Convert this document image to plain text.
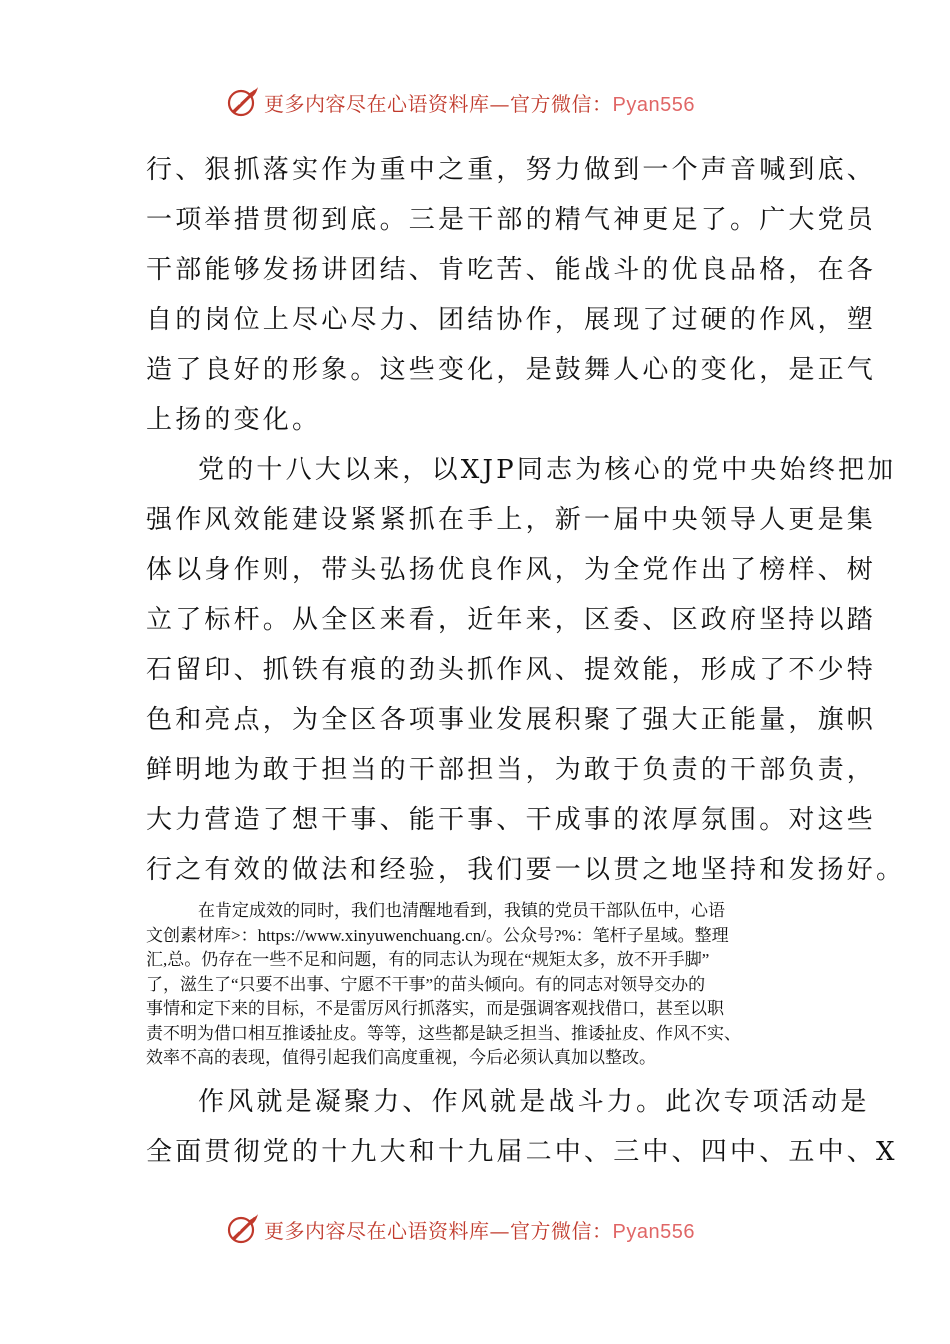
更多内容尽在心语资料库—官方微信：Pyan556
行、狠抓落实作为重中之重，努力做到一个声音喊到底、
一项举措贯彻到底。三是干部的精气神更足了。广大党员
干部能够发扬讲团结、肯吃苦、能战斗的优良品格，在各
自的岗位上尽心尽力、团结协作，展现了过硬的作风，塑
造了良好的形象。这些变化，是鼓舞人心的变化，是正气
上扬的变化。
党的十八大以来，以XJP同志为核心的党中央始终把加
强作风效能建设紧紧抓在手上，新一届中央领导人更是集
体以身作则，带头弘扬优良作风，为全党作出了榜样、树
立了标杆。从全区来看，近年来，区委、区政府坚持以踏
石留印、抓铁有痕的劲头抓作风、提效能，形成了不少特
色和亮点，为全区各项事业发展积聚了强大正能量，旗帜
鲜明地为敢于担当的干部担当，为敢于负责的干部负责，
大力营造了想干事、能干事、干成事的浓厚氛围。对这些
行之有效的做法和经验，我们要一以贯之地坚持和发扬好。
在肯定成效的同时，我们也清醒地看到，我镇的党员干部队伍中，心语
文创素材库>：https://www.xinyuwenchuang.cn/。公众号?%：笔杆子星域。整理
汇,总。仍存在一些不足和问题，有的同志认为现在“规矩太多，放不开手脚”
了，滋生了“只要不出事、宁愿不干事”的苗头倾向。有的同志对领导交办的
事情和定下来的目标，不是雷厉风行抓落实，而是强调客观找借口，甚至以职
责不明为借口相互推诿扯皮。等等，这些都是缺乏担当、推诿扯皮、作风不实、
效率不高的表现，值得引起我们高度重视，今后必须认真加以整改。
作风就是凝聚力、作风就是战斗力。此次专项活动是
全面贯彻党的十九大和十九届二中、三中、四中、五中、X
更多内容尽在心语资料库—官方微信：Pyan556
